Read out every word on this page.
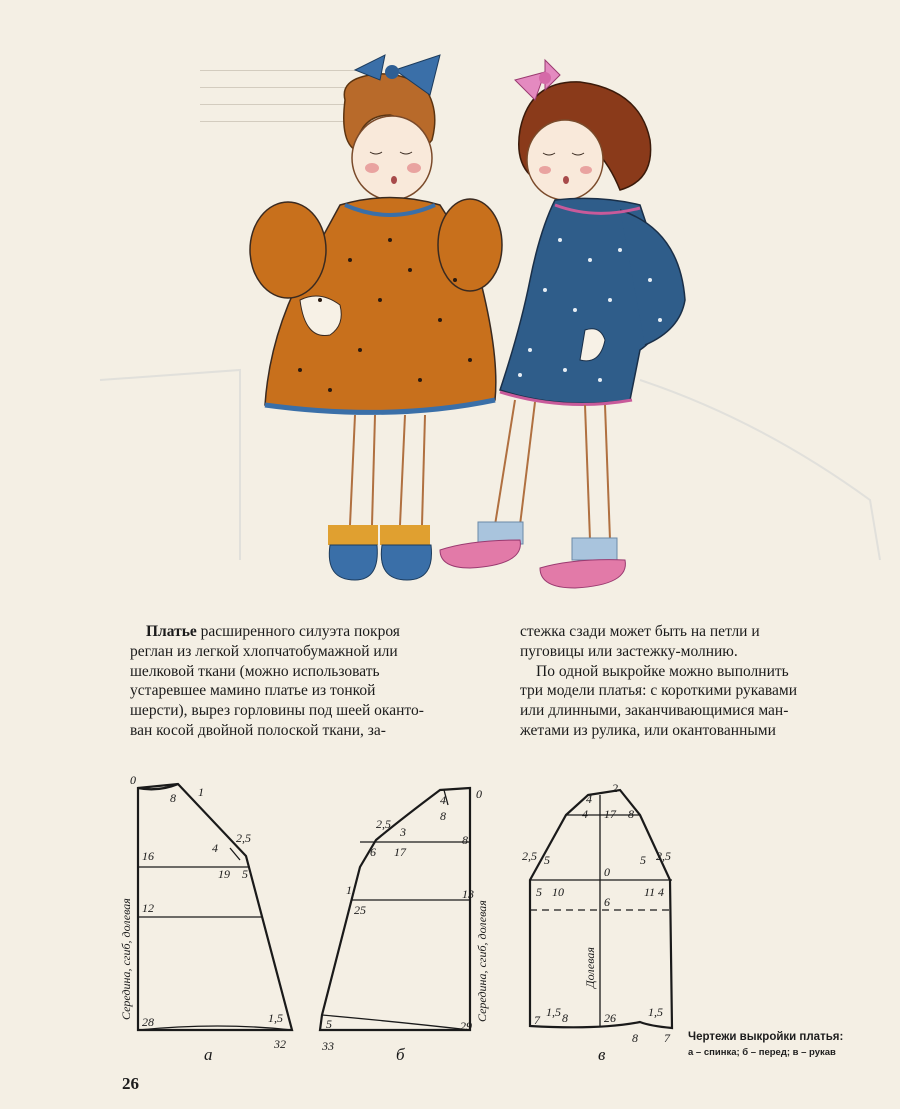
Платье расширенного силуэта покроя

реглан из легкой хлопчатобумажной или

шелковой ткани (можно использовать

устаревшее мамино платье из тонкой

шерсти), вырез горловины под шеей оканто-

ван косой двойной полоской ткани, за-

стежка сзади может быть на петли и

пуговицы или застежку-молнию.

По одной выкройке можно выполнить

три модели платья: с короткими рукавами

или длинными, заканчивающимися ман-

жетами из рулика, или окантованными

0
8 1
2,5
4
16
19 5
12
1,5
28
32
4	0
8
2,5
3
6 17
8
1
25
13
5	29
33
2
4
4 17 8
2,5 5	2,5
5
5 10
0
11 4
6
26
1,5
7 8	1,5
8 7
Середина, сгиб, долевая	Середина, сгиб, долевая	Долевая
а	б	в
Чертежи выкройки платья:
а – спинка; б – перед; в – рукав
26
